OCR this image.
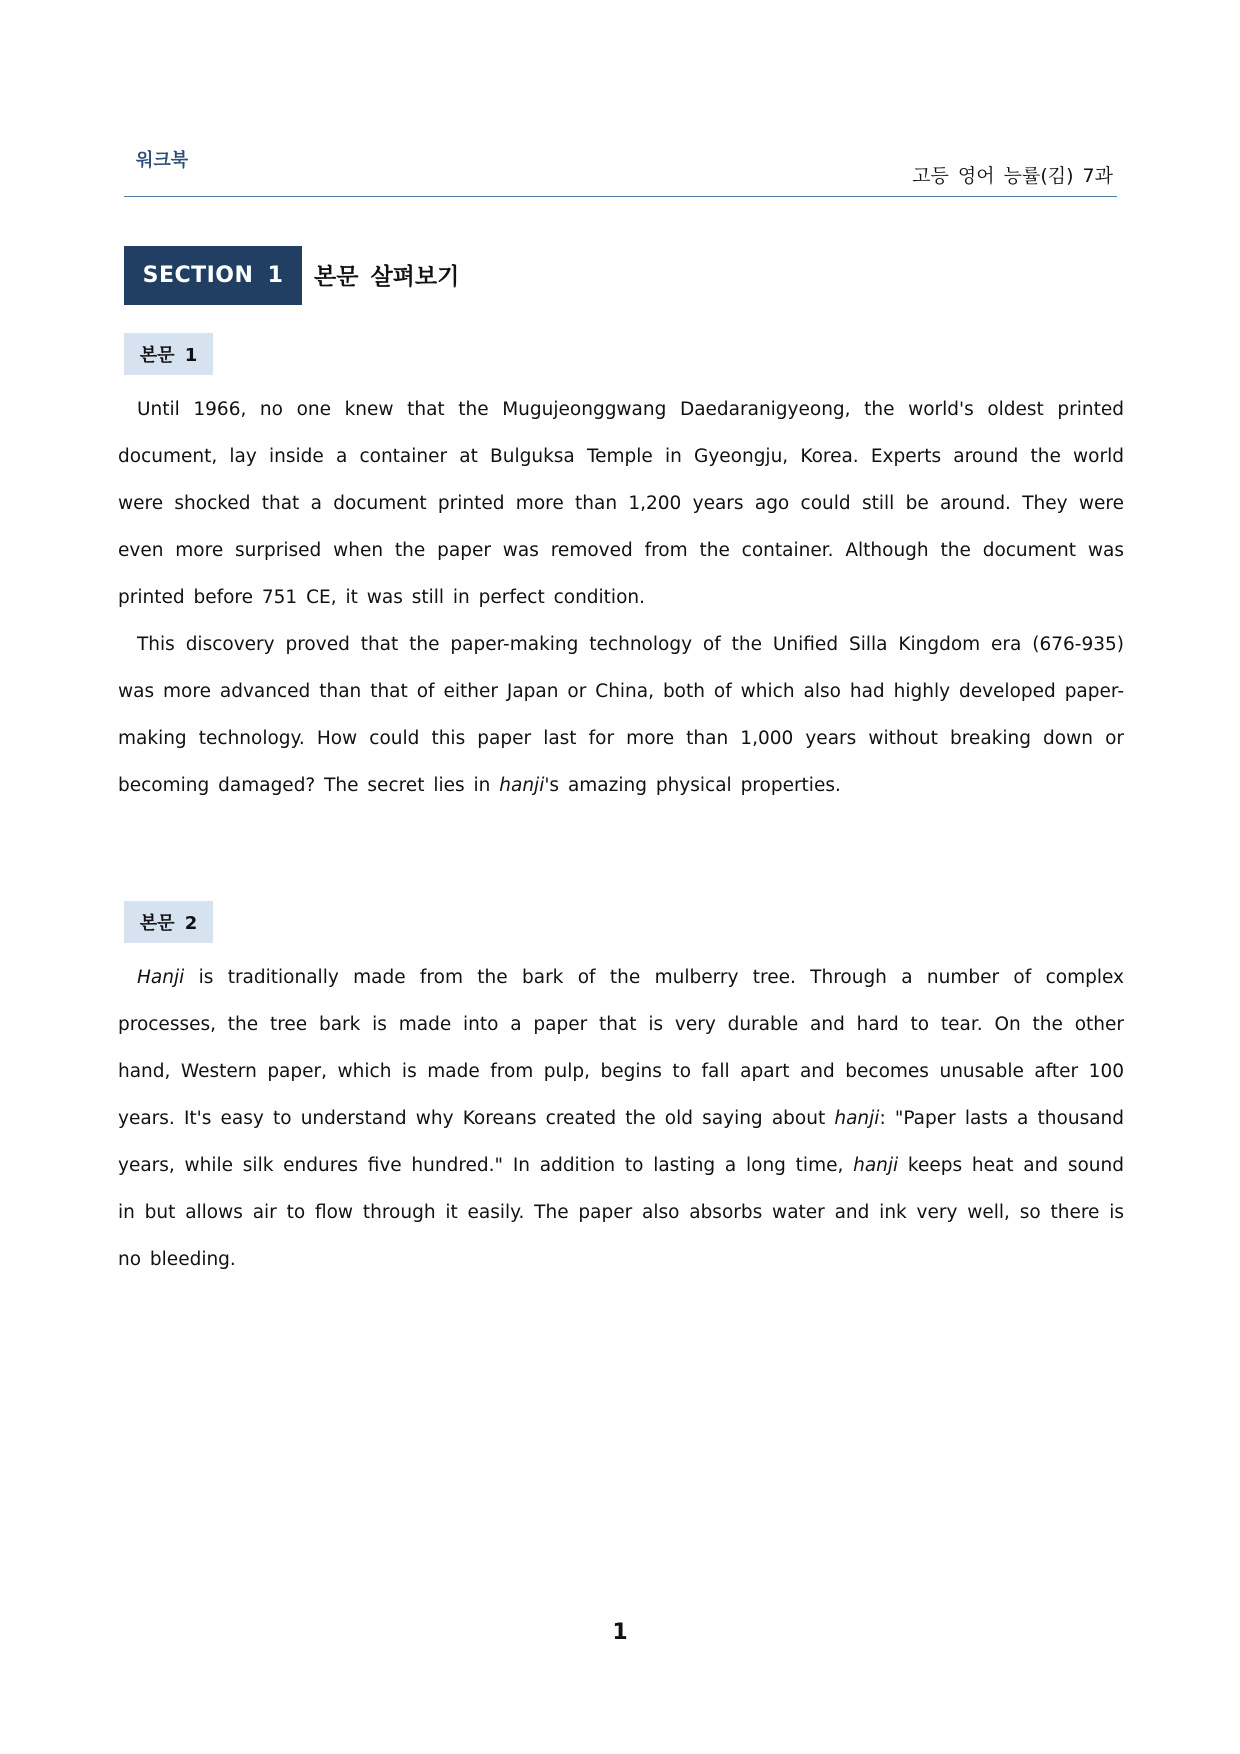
워크북
고등 영어 능률(김) 7과
SECTION 1	본문 살펴보기
본문 1

Until 1966, no one knew that the Mugujeonggwang Daedaranigyeong, the world's oldest printed document, lay inside a container at Bulguksa Temple in Gyeongju, Korea. Experts around the world were shocked that a document printed more than 1,200 years ago could still be around. They were even more surprised when the paper was removed from the container. Although the document was printed before 751 CE, it was still in perfect condition.

This discovery proved that the paper-making technology of the Unified Silla Kingdom era (676-935) was more advanced than that of either Japan or China, both of which also had highly developed paper-making technology. How could this paper last for more than 1,000 years without breaking down or becoming damaged? The secret lies in hanji's amazing physical properties.

본문 2

Hanji is traditionally made from the bark of the mulberry tree. Through a number of complex processes, the tree bark is made into a paper that is very durable and hard to tear. On the other hand, Western paper, which is made from pulp, begins to fall apart and becomes unusable after 100 years. It's easy to understand why Koreans created the old saying about hanji: "Paper lasts a thousand years, while silk endures five hundred." In addition to lasting a long time, hanji keeps heat and sound in but allows air to flow through it easily. The paper also absorbs water and ink very well, so there is no bleeding.

1
